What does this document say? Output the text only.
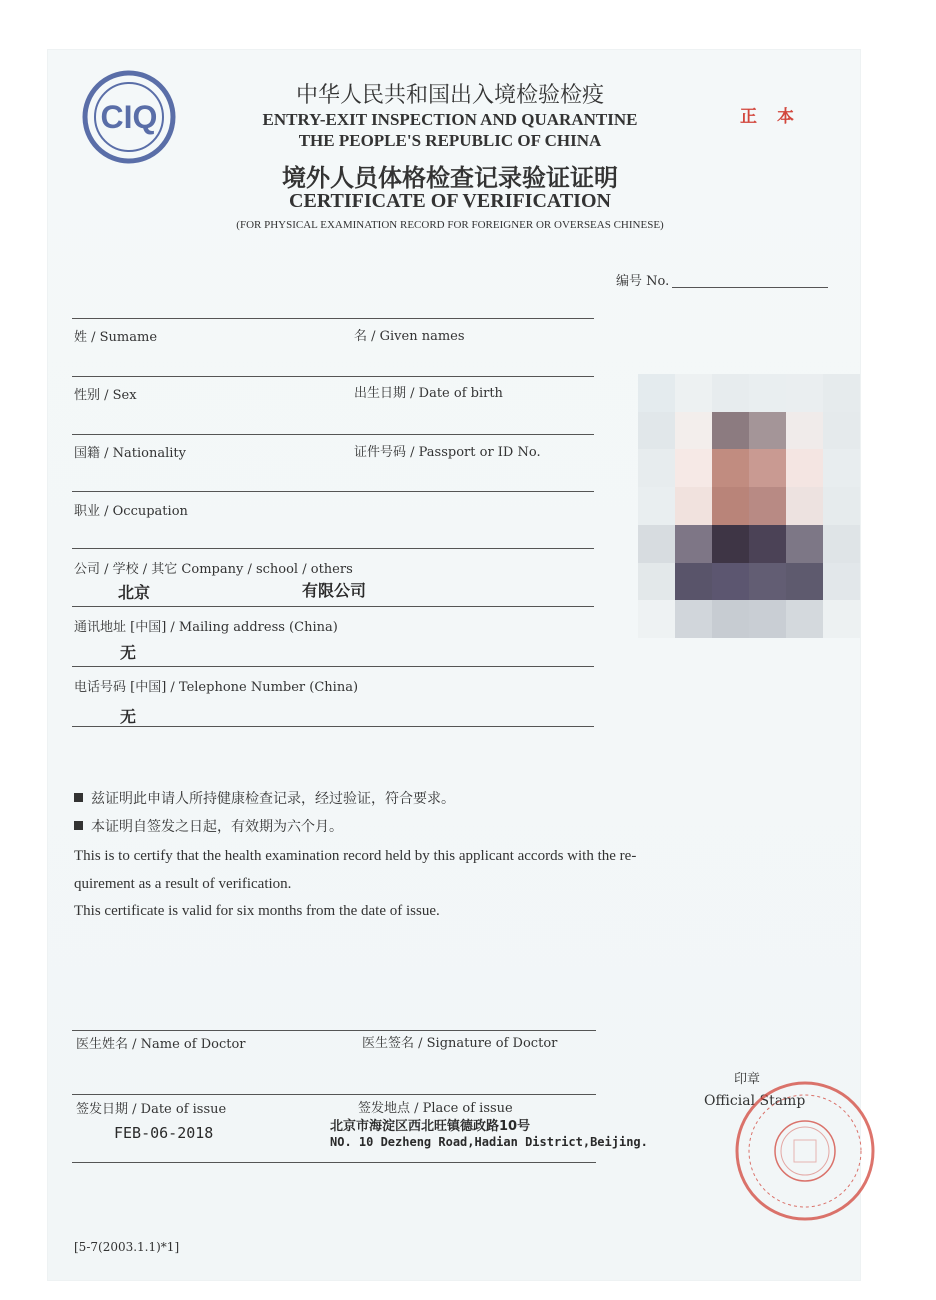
CIQ
中华人民共和国出入境检验检疫
ENTRY-EXIT INSPECTION AND QUARANTINE
THE PEOPLE'S REPUBLIC OF CHINA
境外人员体格检查记录验证证明
CERTIFICATE OF VERIFICATION
(FOR PHYSICAL EXAMINATION RECORD FOR FOREIGNER OR OVERSEAS CHINESE)
正本
编号 No.
姓 / Sumame	名 / Given names
性别 / Sex	出生日期 / Date of birth
国籍 / Nationality	证件号码 / Passport or ID No.
职业 / Occupation
公司 / 学校 / 其它 Company / school / others
北京	有限公司
通讯地址 [中国] / Mailing address (China)
无
电话号码 [中国] / Telephone Number (China)
无
兹证明此申请人所持健康检查记录，经过验证，符合要求。
本证明自签发之日起，有效期为六个月。
This is to certify that the health examination record held by this applicant accords with the re-
quirement as a result of verification.
This certificate is valid for six months from the date of issue.
医生姓名 / Name of Doctor	医生签名 / Signature of Doctor
印章
Official Stamp
签发日期 / Date of issue	签发地点 / Place of issue
FEB-06-2018	北京市海淀区西北旺镇德政路10号
NO. 10 Dezheng Road,Hadian District,Beijing.
[5-7(2003.1.1)*1]
